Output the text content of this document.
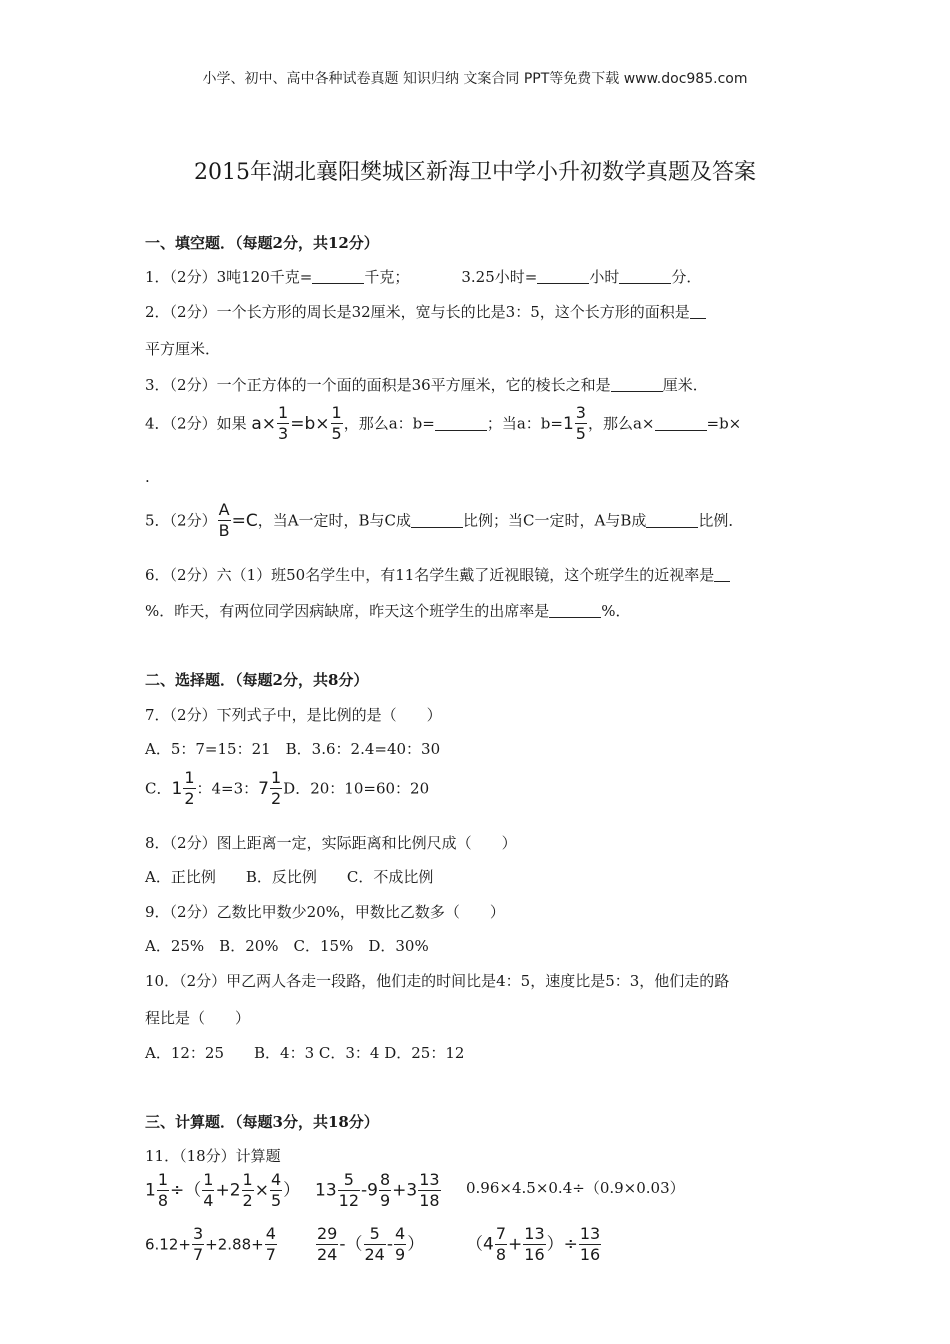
小学、初中、高中各种试卷真题 知识归纳 文案合同 PPT等免费下载 www.doc985.com
2015年湖北襄阳樊城区新海卫中学小升初数学真题及答案
一、填空题．（每题2分，共12分）
1．（2分）3吨120千克=	千克；	3.25小时=	小时	分．
2．（2分）一个长方形的周长是32厘米，宽与长的比是3：5，这个长方形的面积是
平方厘米．
3．（2分）一个正方体的一个面的面积是36平方厘米，它的棱长之和是	厘米．
4．（2分）如果 $a\times \frac{1}{3} =b\times \frac{1}{5}$ ，那么a：b=	；当a：$b=1 \frac{3}{5}$ ，那么a×	=b×
.
5．（2分） $\frac{A}{B} =C$，当A一定时，B与C成	比例；当C一定时，A与B成	比例．
6．（2分）六（1）班50名学生中，有11名学生戴了近视眼镜，这个班学生的近视率是
%．昨天，有两位同学因病缺席，昨天这个班学生的出席率是	%．
二、选择题．（每题2分，共8分）
7．（2分）下列式子中，是比例的是（　　）
A．5：7=15：21　B．3.6：2.4=40：30
C．$1 \frac{1}{2}$ ：4=3：$7 \frac{1}{2}$ D．20：10=60：20
8．（2分）图上距离一定，实际距离和比例尺成（　　）
A．正比例　　B．反比例　　C．不成比例
9．（2分）乙数比甲数少20%，甲数比乙数多（　　）
A．25%　B．20%　C．15%　D．30%
10．（2分）甲乙两人各走一段路，他们走的时间比是4：5，速度比是5：3，他们走的路
程比是（　　）
A．12：25　　B．4：3 C．3：4 D．25：12
三、计算题．（每题3分，共18分）
11．（18分）计算题
$1 \frac{1}{8}$ ÷（ $\frac{1}{4} +2 \frac{1}{2} \times \frac{4}{5}$ ） $13 \frac{5}{12} -9 \frac{8}{9} +3 \frac{13}{18} 0.96\times 4.5\times 0.4\div(0.9\times 0.03)$
$6.12+ \frac{3}{7} +2.88+ \frac{4}{7} \frac{29}{24}$ -（ $\frac{5}{24} - \frac{4}{9}$ ） （$4 \frac{7}{8} + \frac{13}{16}$ ）÷ $\frac{13}{16}$
